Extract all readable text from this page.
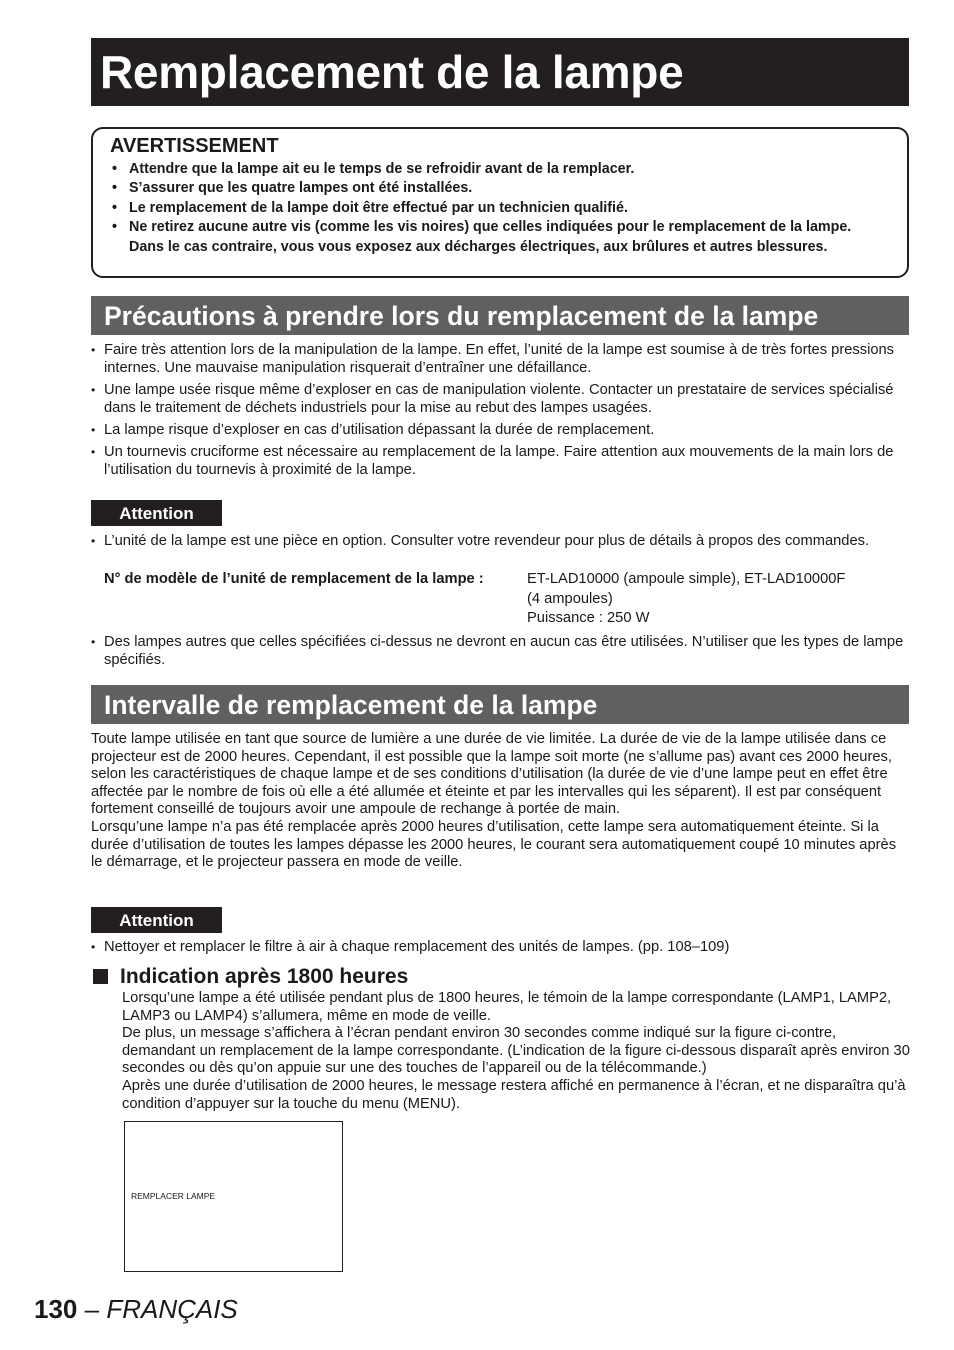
Remplacement de la lampe
AVERTISSEMENT
• Attendre que la lampe ait eu le temps de se refroidir avant de la remplacer.
• S’assurer que les quatre lampes ont été installées.
• Le remplacement de la lampe doit être effectué par un technicien qualifié.
• Ne retirez aucune autre vis (comme les vis noires) que celles indiquées pour le remplacement de la lampe. Dans le cas contraire, vous vous exposez aux décharges électriques, aux brûlures et autres blessures.
Précautions à prendre lors du remplacement de la lampe
• Faire très attention lors de la manipulation de la lampe. En effet, l’unité de la lampe est soumise à de très fortes pressions internes. Une mauvaise manipulation risquerait d’entraîner une défaillance.
• Une lampe usée risque même d’exploser en cas de manipulation violente. Contacter un prestataire de services spécialisé dans le traitement de déchets industriels pour la mise au rebut des lampes usagées.
• La lampe risque d’exploser en cas d’utilisation dépassant la durée de remplacement.
• Un tournevis cruciforme est nécessaire au remplacement de la lampe. Faire attention aux mouvements de la main lors de l’utilisation du tournevis à proximité de la lampe.
Attention
• L’unité de la lampe est une pièce en option. Consulter votre revendeur pour plus de détails à propos des commandes.
N° de modèle de l’unité de remplacement de la lampe :	ET-LAD10000 (ampoule simple), ET-LAD10000F
(4 ampoules)
Puissance : 250 W
• Des lampes autres que celles spécifiées ci-dessus ne devront en aucun cas être utilisées. N’utiliser que les types de lampe spécifiés.
Intervalle de remplacement de la lampe

Toute lampe utilisée en tant que source de lumière a une durée de vie limitée. La durée de vie de la lampe utilisée dans ce projecteur est de 2000 heures. Cependant, il est possible que la lampe soit morte (ne s’allume pas) avant ces 2000 heures, selon les caractéristiques de chaque lampe et de ses conditions d’utilisation (la durée de vie d’une lampe peut en effet être affectée par le nombre de fois où elle a été allumée et éteinte et par les intervalles qui les séparent). Il est par conséquent fortement conseillé de toujours avoir une ampoule de rechange à portée de main.

Lorsqu’une lampe n’a pas été remplacée après 2000 heures d’utilisation, cette lampe sera automatiquement éteinte. Si la durée d’utilisation de toutes les lampes dépasse les 2000 heures, le courant sera automatiquement coupé 10 minutes après le démarrage, et le projecteur passera en mode de veille.

Attention
• Nettoyer et remplacer le filtre à air à chaque remplacement des unités de lampes. (pp. 108–109)
Indication après 1800 heures

Lorsqu’une lampe a été utilisée pendant plus de 1800 heures, le témoin de la lampe correspondante (LAMP1, LAMP2, LAMP3 ou LAMP4) s’allumera, même en mode de veille.

De plus, un message s’affichera à l’écran pendant environ 30 secondes comme indiqué sur la figure ci-contre, demandant un remplacement de la lampe correspondante. (L’indication de la figure ci-dessous disparaît après environ 30 secondes ou dès qu’on appuie sur une des touches de l’appareil ou de la télécommande.)

Après une durée d’utilisation de 2000 heures, le message restera affiché en permanence à l’écran, et ne disparaîtra qu’à condition d’appuyer sur la touche du menu (MENU).

REMPLACER LAMPE
130 – FRANÇAIS
